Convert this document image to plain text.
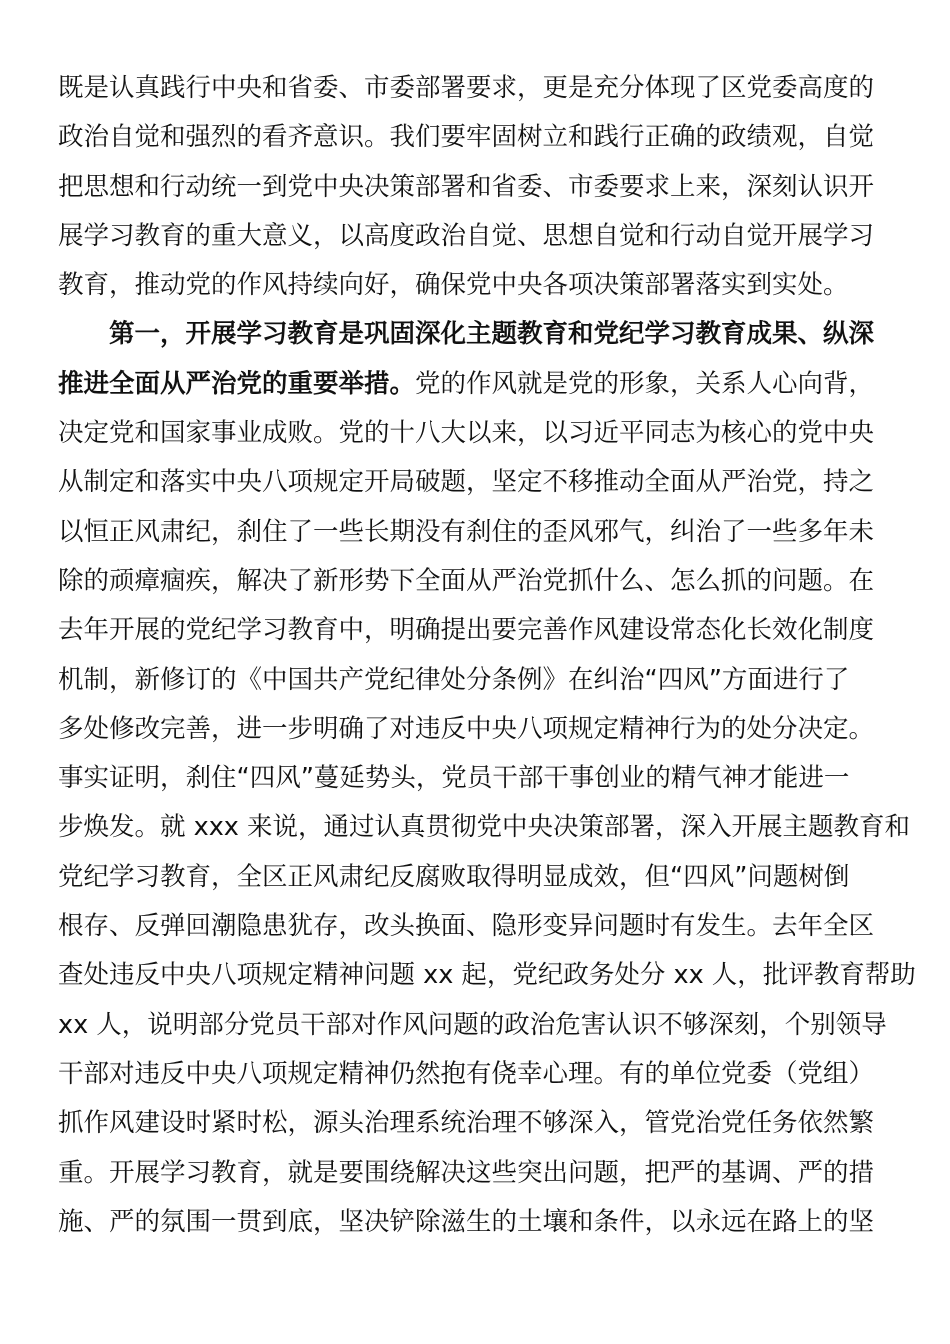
既是认真践行中央和省委、市委部署要求，更是充分体现了区党委高度的
政治自觉和强烈的看齐意识。我们要牢固树立和践行正确的政绩观，自觉
把思想和行动统一到党中央决策部署和省委、市委要求上来，深刻认识开
展学习教育的重大意义，以高度政治自觉、思想自觉和行动自觉开展学习
教育，推动党的作风持续向好，确保党中央各项决策部署落实到实处。
第一，开展学习教育是巩固深化主题教育和党纪学习教育成果、纵深
推进全面从严治党的重要举措。党的作风就是党的形象，关系人心向背，
决定党和国家事业成败。党的十八大以来，以习近平同志为核心的党中央
从制定和落实中央八项规定开局破题，坚定不移推动全面从严治党，持之
以恒正风肃纪，刹住了一些长期没有刹住的歪风邪气，纠治了一些多年未
除的顽瘴痼疾，解决了新形势下全面从严治党抓什么、怎么抓的问题。在
去年开展的党纪学习教育中，明确提出要完善作风建设常态化长效化制度
机制，新修订的《中国共产党纪律处分条例》在纠治“四风”方面进行了
多处修改完善，进一步明确了对违反中央八项规定精神行为的处分决定。
事实证明，刹住“四风”蔓延势头，党员干部干事创业的精气神才能进一
步焕发。就 xxx 来说，通过认真贯彻党中央决策部署，深入开展主题教育和
党纪学习教育，全区正风肃纪反腐败取得明显成效，但“四风”问题树倒
根存、反弹回潮隐患犹存，改头换面、隐形变异问题时有发生。去年全区
查处违反中央八项规定精神问题 xx 起，党纪政务处分 xx 人，批评教育帮助
xx 人，说明部分党员干部对作风问题的政治危害认识不够深刻，个别领导
干部对违反中央八项规定精神仍然抱有侥幸心理。有的单位党委（党组）
抓作风建设时紧时松，源头治理系统治理不够深入，管党治党任务依然繁
重。开展学习教育，就是要围绕解决这些突出问题，把严的基调、严的措
施、严的氛围一贯到底，坚决铲除滋生的土壤和条件，以永远在路上的坚
